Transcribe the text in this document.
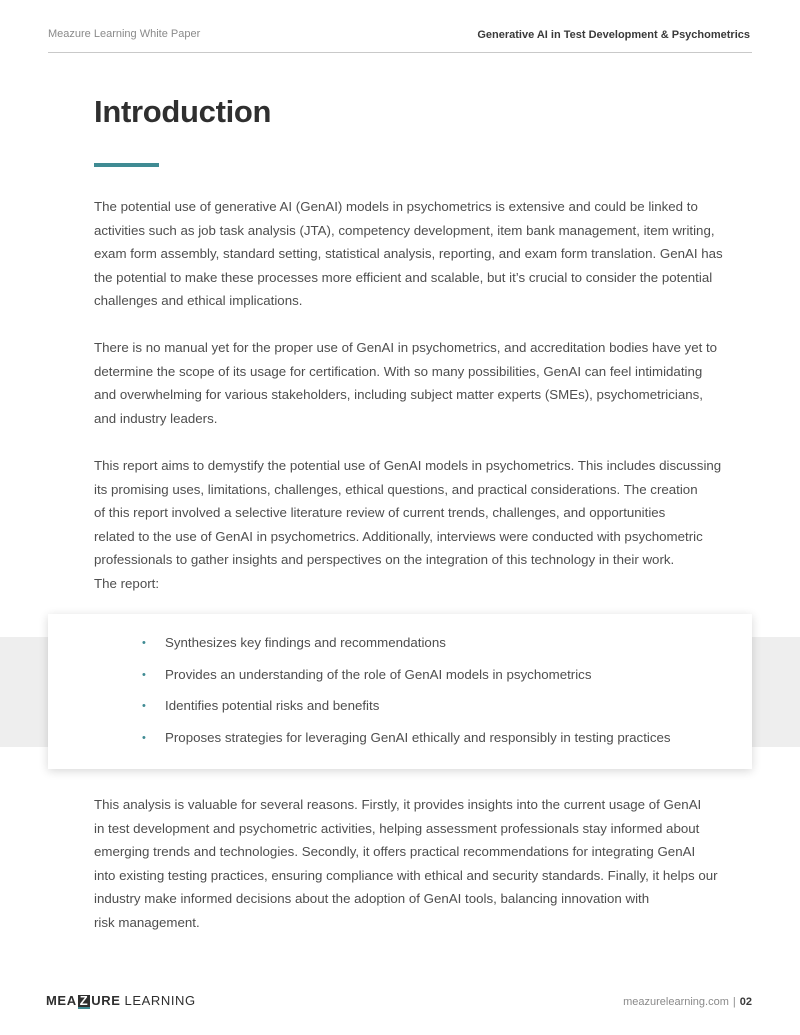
Meazure Learning White Paper	Generative AI in Test Development & Psychometrics
Introduction
The potential use of generative AI (GenAI) models in psychometrics is extensive and could be linked to
activities such as job task analysis (JTA), competency development, item bank management, item writing,
exam form assembly, standard setting, statistical analysis, reporting, and exam form translation. GenAI has
the potential to make these processes more efficient and scalable, but it’s crucial to consider the potential
challenges and ethical implications.
There is no manual yet for the proper use of GenAI in psychometrics, and accreditation bodies have yet to
determine the scope of its usage for certification. With so many possibilities, GenAI can feel intimidating
and overwhelming for various stakeholders, including subject matter experts (SMEs), psychometricians,
and industry leaders.
This report aims to demystify the potential use of GenAI models in psychometrics. This includes discussing
its promising uses, limitations, challenges, ethical questions, and practical considerations. The creation
of this report involved a selective literature review of current trends, challenges, and opportunities
related to the use of GenAI in psychometrics. Additionally, interviews were conducted with psychometric
professionals to gather insights and perspectives on the integration of this technology in their work.
The report:
• Synthesizes key findings and recommendations
• Provides an understanding of the role of GenAI models in psychometrics
• Identifies potential risks and benefits
• Proposes strategies for leveraging GenAI ethically and responsibly in testing practices
This analysis is valuable for several reasons. Firstly, it provides insights into the current usage of GenAI
in test development and psychometric activities, helping assessment professionals stay informed about
emerging trends and technologies. Secondly, it offers practical recommendations for integrating GenAI
into existing testing practices, ensuring compliance with ethical and security standards. Finally, it helps our
industry make informed decisions about the adoption of GenAI tools, balancing innovation with
risk management.
MEA Z URE LEARNING	meazurelearning.com | 02
